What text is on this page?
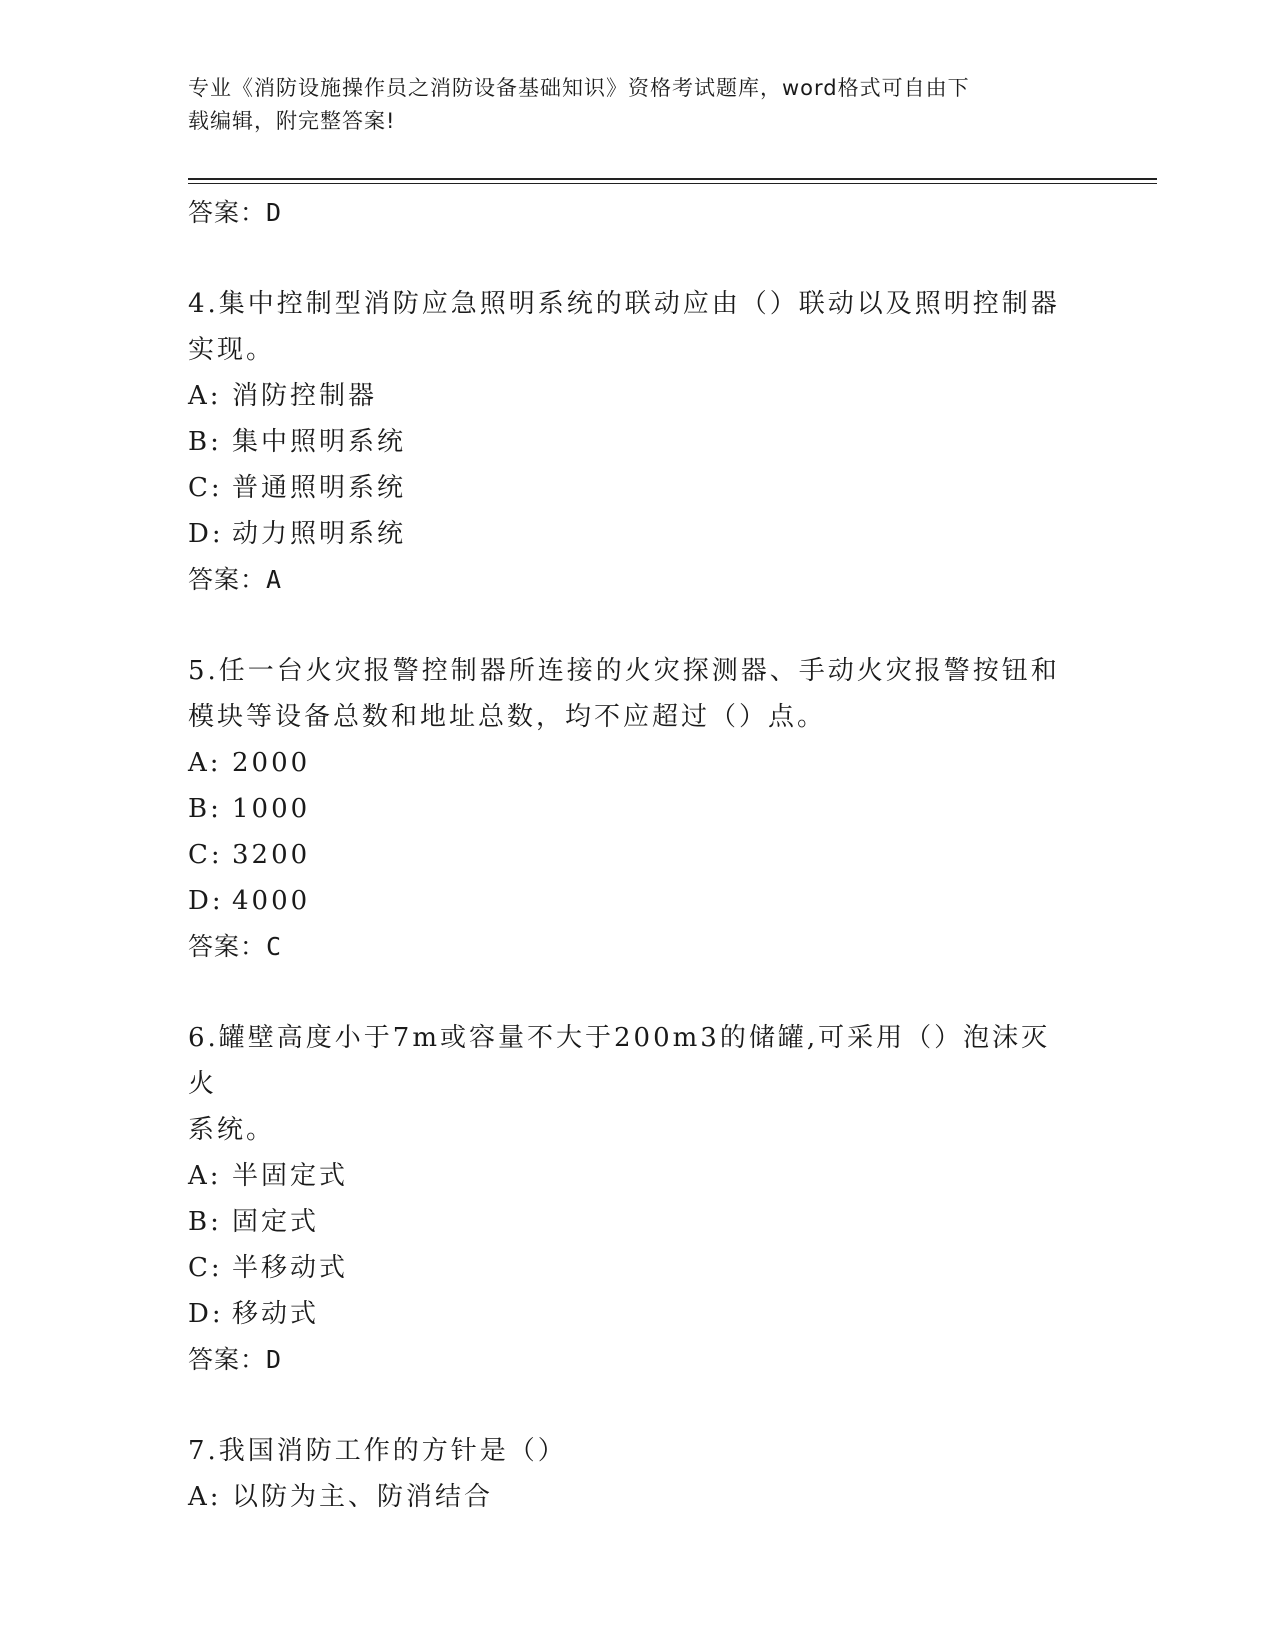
专业《消防设施操作员之消防设备基础知识》资格考试题库，word格式可自由下
载编辑，附完整答案!
答案：D
4.集中控制型消防应急照明系统的联动应由（）联动以及照明控制器
实现。
A: 消防控制器
B: 集中照明系统
C: 普通照明系统
D: 动力照明系统
答案：A
5.任一台火灾报警控制器所连接的火灾探测器、手动火灾报警按钮和
模块等设备总数和地址总数，均不应超过（）点。
A: 2000
B: 1000
C: 3200
D: 4000
答案：C
6.罐壁高度小于7m或容量不大于200m3的储罐,可采用（）泡沫灭火
系统。
A: 半固定式
B: 固定式
C: 半移动式
D: 移动式
答案：D
7.我国消防工作的方针是（）
A: 以防为主、防消结合
